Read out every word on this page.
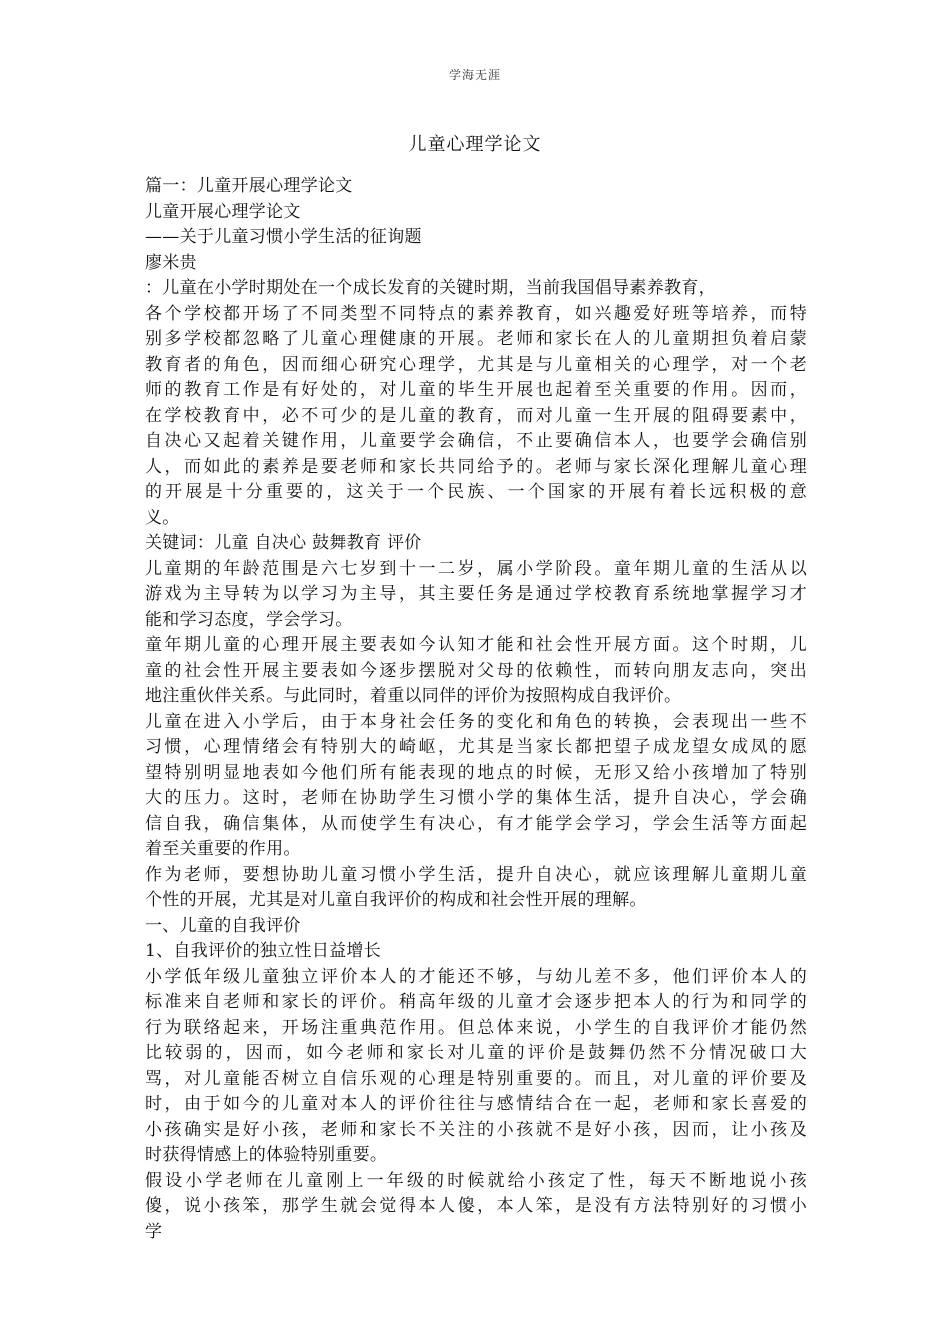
学海无涯
儿童心理学论文
篇一：儿童开展心理学论文
儿童开展心理学论文
——关于儿童习惯小学生活的征询题
廖米贵
：儿童在小学时期处在一个成长发育的关键时期，当前我国倡导素养教育，
各个学校都开场了不同类型不同特点的素养教育，如兴趣爱好班等培养，而特
别多学校都忽略了儿童心理健康的开展。老师和家长在人的儿童期担负着启蒙
教育者的角色，因而细心研究心理学，尤其是与儿童相关的心理学，对一个老
师的教育工作是有好处的，对儿童的毕生开展也起着至关重要的作用。因而，
在学校教育中，必不可少的是儿童的教育，而对儿童一生开展的阻碍要素中，
自决心又起着关键作用，儿童要学会确信，不止要确信本人，也要学会确信别
人，而如此的素养是要老师和家长共同给予的。老师与家长深化理解儿童心理
的开展是十分重要的，这关于一个民族、一个国家的开展有着长远积极的意
义。
关键词：儿童 自决心 鼓舞教育 评价
儿童期的年龄范围是六七岁到十一二岁，属小学阶段。童年期儿童的生活从以
游戏为主导转为以学习为主导，其主要任务是通过学校教育系统地掌握学习才
能和学习态度，学会学习。
童年期儿童的心理开展主要表如今认知才能和社会性开展方面。这个时期，儿
童的社会性开展主要表如今逐步摆脱对父母的依赖性，而转向朋友志向，突出
地注重伙伴关系。与此同时，着重以同伴的评价为按照构成自我评价。
儿童在进入小学后，由于本身社会任务的变化和角色的转换，会表现出一些不
习惯，心理情绪会有特别大的崎岖，尤其是当家长都把望子成龙望女成凤的愿
望特别明显地表如今他们所有能表现的地点的时候，无形又给小孩增加了特别
大的压力。这时，老师在协助学生习惯小学的集体生活，提升自决心，学会确
信自我，确信集体，从而使学生有决心，有才能学会学习，学会生活等方面起
着至关重要的作用。
作为老师，要想协助儿童习惯小学生活，提升自决心，就应该理解儿童期儿童
个性的开展，尤其是对儿童自我评价的构成和社会性开展的理解。
一、儿童的自我评价
1、自我评价的独立性日益增长
小学低年级儿童独立评价本人的才能还不够，与幼儿差不多，他们评价本人的
标准来自老师和家长的评价。稍高年级的儿童才会逐步把本人的行为和同学的
行为联络起来，开场注重典范作用。但总体来说，小学生的自我评价才能仍然
比较弱的，因而，如今老师和家长对儿童的评价是鼓舞仍然不分情况破口大
骂，对儿童能否树立自信乐观的心理是特别重要的。而且，对儿童的评价要及
时，由于如今的儿童对本人的评价往往与感情结合在一起，老师和家长喜爱的
小孩确实是好小孩，老师和家长不关注的小孩就不是好小孩，因而，让小孩及
时获得情感上的体验特别重要。
假设小学老师在儿童刚上一年级的时候就给小孩定了性，每天不断地说小孩
傻，说小孩笨，那学生就会觉得本人傻，本人笨，是没有方法特别好的习惯小
学
